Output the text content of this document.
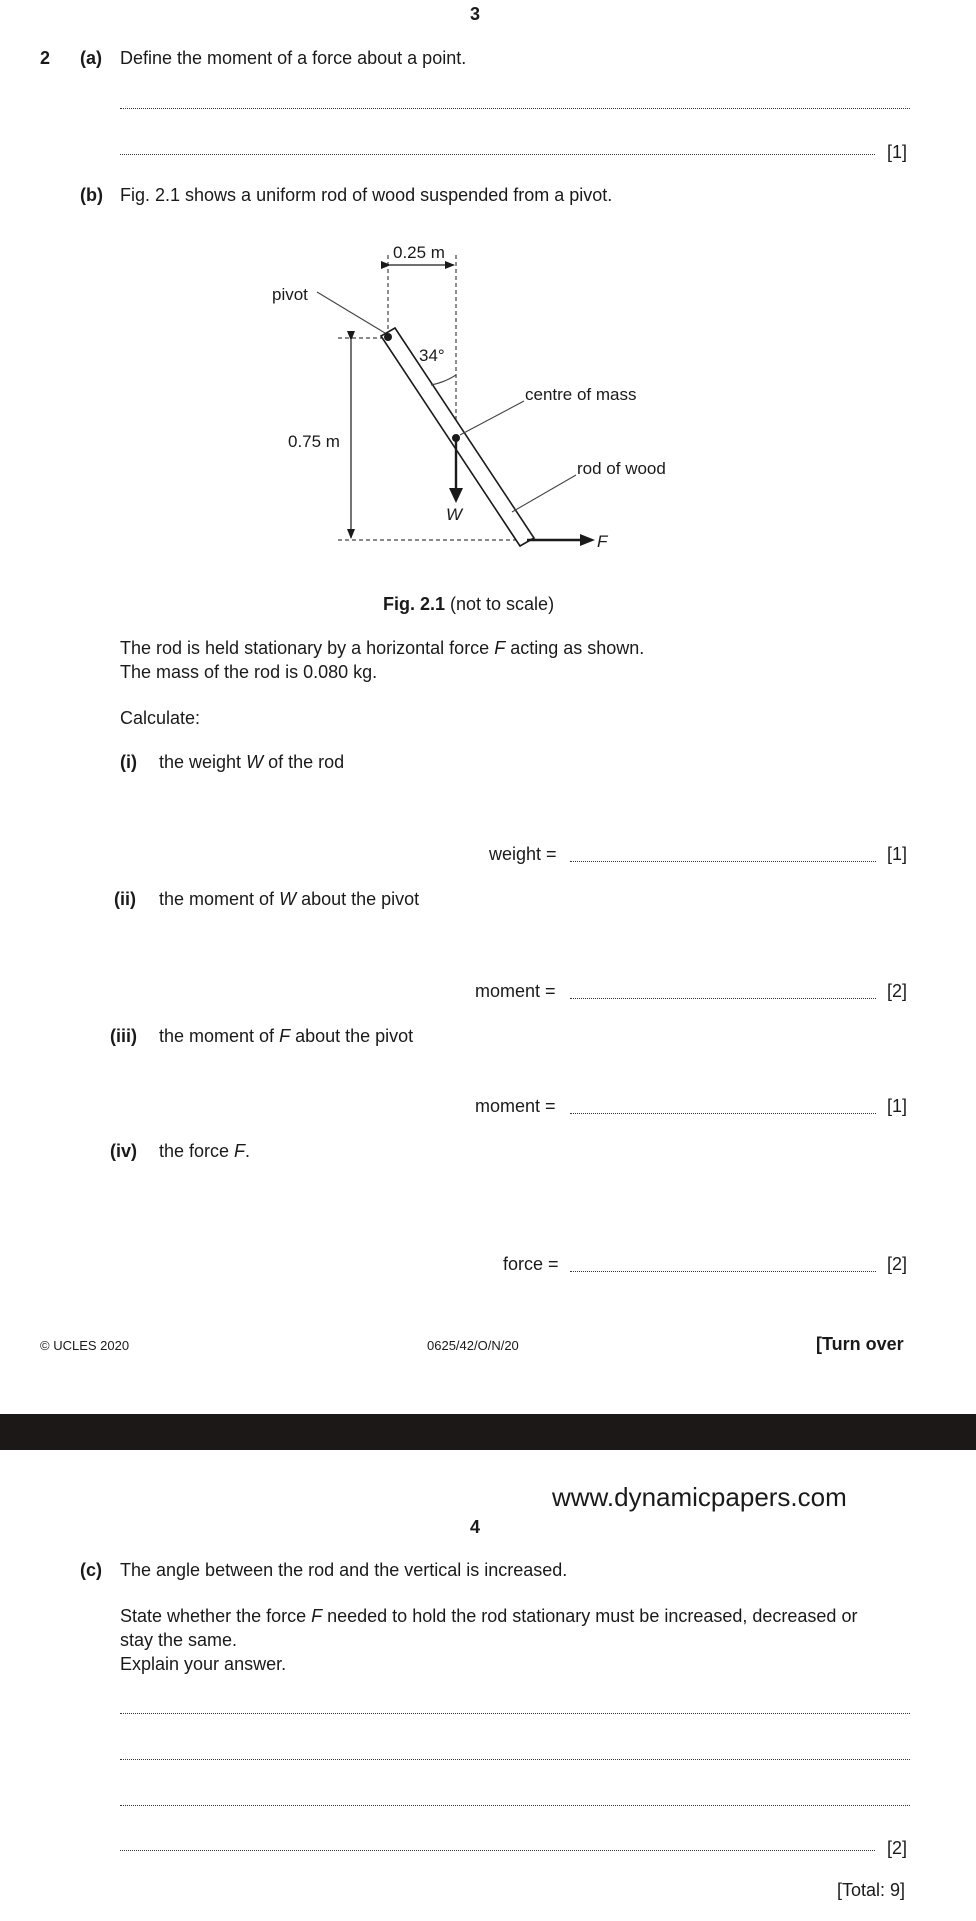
3
2 (a) Define the moment of a force about a point.
[1]
(b) Fig. 2.1 shows a uniform rod of wood suspended from a pivot.
0.25 m
0.75 m
34°
W
F
pivot
centre of mass
rod of wood
Fig. 2.1 (not to scale)
The rod is held stationary by a horizontal force F acting as shown.
The mass of the rod is 0.080 kg.
Calculate:
(i) the weight W of the rod
weight =	[1]
(ii) the moment of W about the pivot
moment =	[2]
(iii) the moment of F about the pivot
moment =	[1]
(iv) the force F.
force =	[2]
© UCLES 2020	0625/42/O/N/20	[Turn over
www.dynamicpapers.com
4
(c) The angle between the rod and the vertical is increased.
State whether the force F needed to hold the rod stationary must be increased, decreased or
stay the same.
Explain your answer.
[2]
[Total: 9]
